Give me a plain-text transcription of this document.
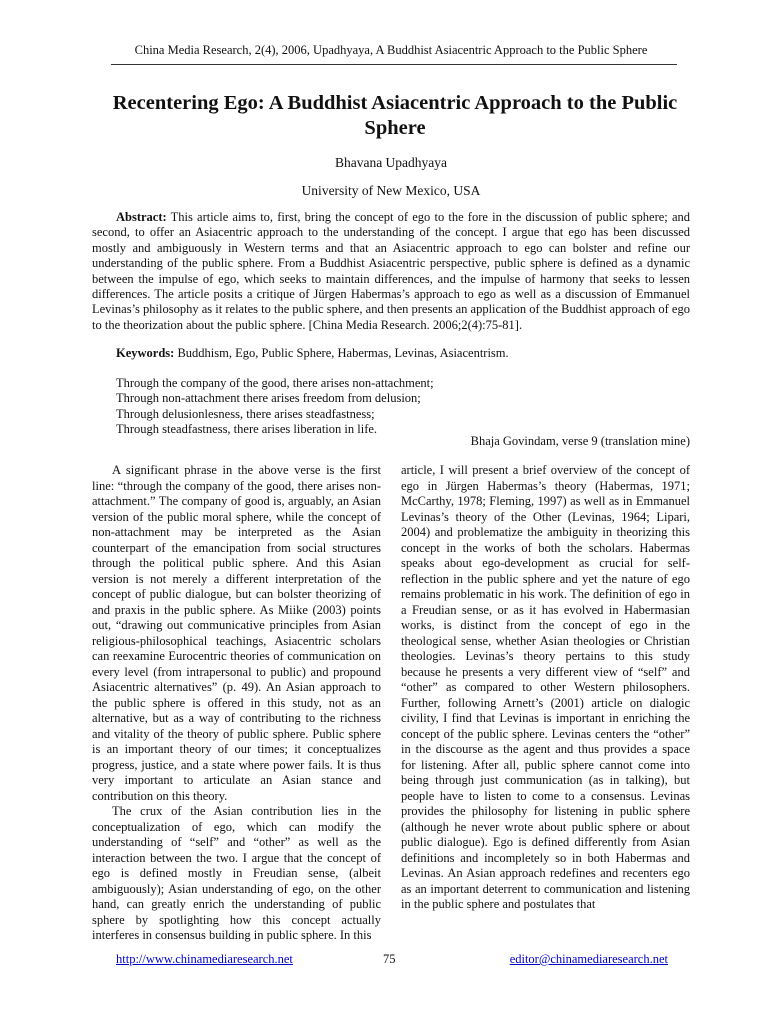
China Media Research, 2(4), 2006, Upadhyaya, A Buddhist Asiacentric Approach to the Public Sphere
Recentering Ego: A Buddhist Asiacentric Approach to the Public Sphere
Bhavana Upadhyaya
University of New Mexico, USA

Abstract: This article aims to, first, bring the concept of ego to the fore in the discussion of public sphere; and second, to offer an Asiacentric approach to the understanding of the concept. I argue that ego has been discussed mostly and ambiguously in Western terms and that an Asiacentric approach to ego can bolster and refine our understanding of the public sphere. From a Buddhist Asiacentric perspective, public sphere is defined as a dynamic between the impulse of ego, which seeks to maintain differences, and the impulse of harmony that seeks to lessen differences. The article posits a critique of Jürgen Habermas’s approach to ego as well as a discussion of Emmanuel Levinas’s philosophy as it relates to the public sphere, and then presents an application of the Buddhist approach of ego to the theorization about the public sphere. [China Media Research. 2006;2(4):75-81].

Keywords: Buddhism, Ego, Public Sphere, Habermas, Levinas, Asiacentrism.

Through the company of the good, there arises non-attachment;
Through non-attachment there arises freedom from delusion;
Through delusionlesness, there arises steadfastness;
Through steadfastness, there arises liberation in life.
Bhaja Govindam, verse 9 (translation mine)

A significant phrase in the above verse is the first line: “through the company of the good, there arises non-attachment.” The company of good is, arguably, an Asian version of the public moral sphere, while the concept of non-attachment may be interpreted as the Asian counterpart of the emancipation from social structures through the political public sphere. And this Asian version is not merely a different interpretation of the concept of public dialogue, but can bolster theorizing of and praxis in the public sphere. As Miike (2003) points out, “drawing out communicative principles from Asian religious-philosophical teachings, Asiacentric scholars can reexamine Eurocentric theories of communication on every level (from intrapersonal to public) and propound Asiacentric alternatives” (p. 49). An Asian approach to the public sphere is offered in this study, not as an alternative, but as a way of contributing to the richness and vitality of the theory of public sphere. Public sphere is an important theory of our times; it conceptualizes progress, justice, and a state where power fails. It is thus very important to articulate an Asian stance and contribution on this theory.

The crux of the Asian contribution lies in the conceptualization of ego, which can modify the understanding of “self” and “other” as well as the interaction between the two. I argue that the concept of ego is defined mostly in Freudian sense, (albeit ambiguously); Asian understanding of ego, on the other hand, can greatly enrich the understanding of public sphere by spotlighting how this concept actually interferes in consensus building in public sphere. In this

article, I will present a brief overview of the concept of ego in Jürgen Habermas’s theory (Habermas, 1971; McCarthy, 1978; Fleming, 1997) as well as in Emmanuel Levinas’s theory of the Other (Levinas, 1964; Lipari, 2004) and problematize the ambiguity in theorizing this concept in the works of both the scholars. Habermas speaks about ego-development as crucial for self-reflection in the public sphere and yet the nature of ego remains problematic in his work. The definition of ego in a Freudian sense, or as it has evolved in Habermasian works, is distinct from the concept of ego in the theological sense, whether Asian theologies or Christian theologies. Levinas’s theory pertains to this study because he presents a very different view of “self” and “other” as compared to other Western philosophers. Further, following Arnett’s (2001) article on dialogic civility, I find that Levinas is important in enriching the concept of the public sphere. Levinas centers the “other” in the discourse as the agent and thus provides a space for listening. After all, public sphere cannot come into being through just communication (as in talking), but people have to listen to come to a consensus. Levinas provides the philosophy for listening in public sphere (although he never wrote about public sphere or about public dialogue). Ego is defined differently from Asian definitions and incompletely so in both Habermas and Levinas. An Asian approach redefines and recenters ego as an important deterrent to communication and listening in the public sphere and postulates that

http://www.chinamediaresearch.net	75	editor@chinamediaresearch.net
